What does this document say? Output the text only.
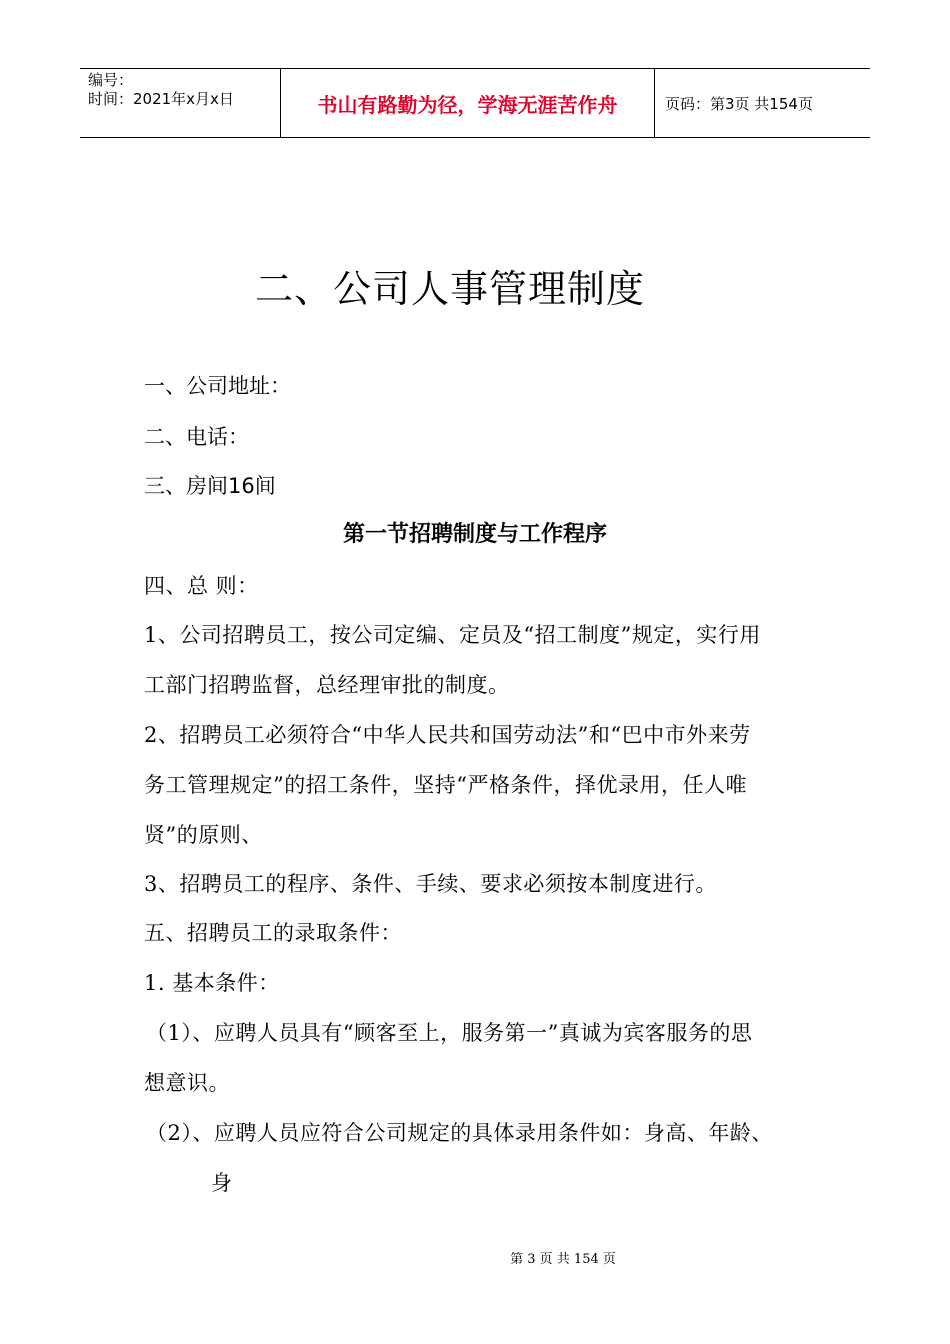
编号：
时间：2021年x月x日	书山有路勤为径，学海无涯苦作舟	页码：第3页 共154页
二、公司人事管理制度
一、公司地址：
二、电话：
三、房间16间
第一节招聘制度与工作程序
四、总 则：
1、公司招聘员工，按公司定编、定员及“招工制度”规定，实行用
工部门招聘监督，总经理审批的制度。
2、招聘员工必须符合“中华人民共和国劳动法”和“巴中市外来劳
务工管理规定”的招工条件，坚持“严格条件，择优录用，任人唯
贤”的原则、
3、招聘员工的程序、条件、手续、要求必须按本制度进行。
五、招聘员工的录取条件：
1. 基本条件：
（1）、应聘人员具有“顾客至上，服务第一”真诚为宾客服务的思
想意识。
（2）、应聘人员应符合公司规定的具体录用条件如：身高、年龄、
身
第 3 页 共 154 页
